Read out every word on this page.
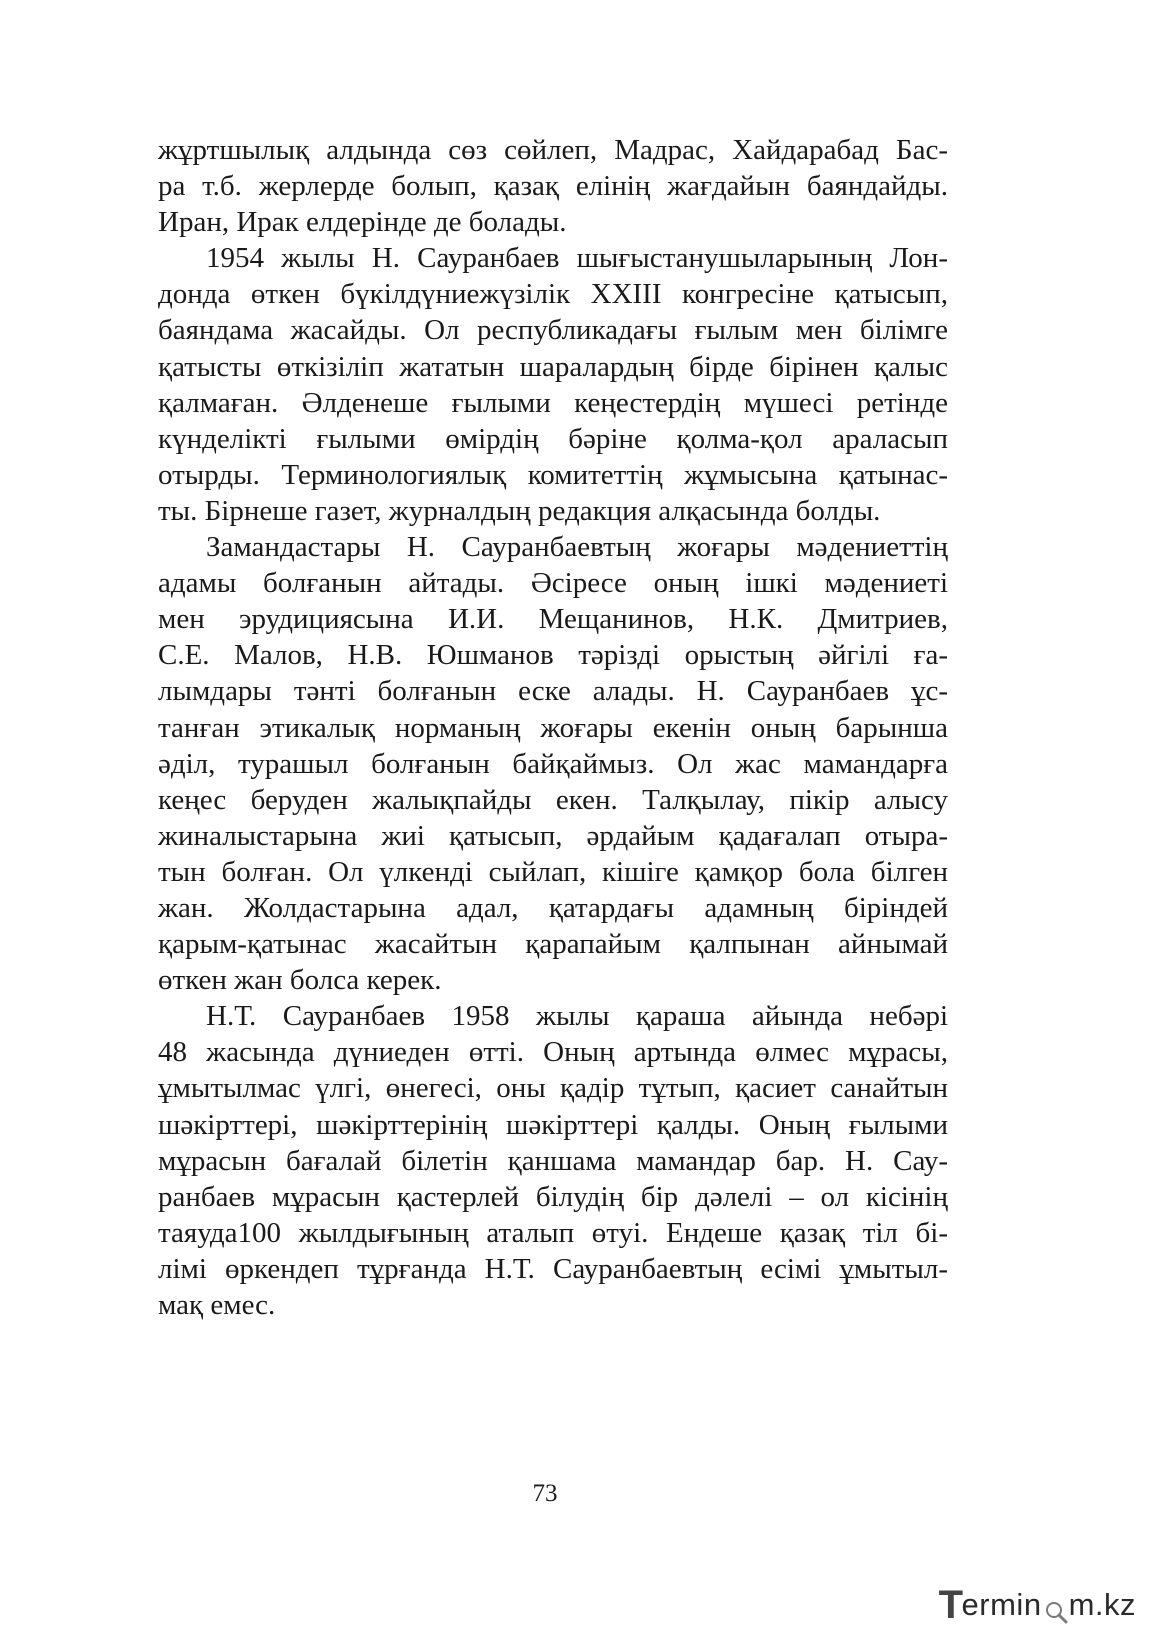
жұртшылық алдында сөз сөйлеп, Мадрас, Хайдарабад Бас-
ра т.б. жерлерде болып, қазақ елінің жағдайын баяндайды.
Иран, Ирак елдерінде де болады.
1954 жылы Н. Сауранбаев шығыстанушыларының Лон-
донда өткен бүкілдүниежүзілік XXIII конгресіне қатысып,
баяндама жасайды. Ол республикадағы ғылым мен білімге
қатысты өткізіліп жататын шаралардың бірде бірінен қалыс
қалмаған. Әлденеше ғылыми кеңестердің мүшесі ретінде
күнделікті ғылыми өмірдің бәріне қолма-қол араласып
отырды. Терминологиялық комитеттің жұмысына қатынас-
ты. Бірнеше газет, журналдың редакция алқасында болды.
Замандастары Н. Сауранбаевтың жоғары мәдениеттің
адамы болғанын айтады. Әсіресе оның ішкі мәдениеті
мен эрудициясына И.И. Мещанинов, Н.К. Дмитриев,
С.Е. Малов, Н.В. Юшманов тәрізді орыстың әйгілі ға-
лымдары тәнті болғанын еске алады. Н. Сауранбаев ұс-
танған этикалық норманың жоғары екенін оның барынша
әділ, турашыл болғанын байқаймыз. Ол жас мамандарға
кеңес беруден жалықпайды екен. Талқылау, пікір алысу
жиналыстарына жиі қатысып, әрдайым қадағалап отыра-
тын болған. Ол үлкенді сыйлап, кішіге қамқор бола білген
жан. Жолдастарына адал, қатардағы адамның біріндей
қарым-қатынас жасайтын қарапайым қалпынан айнымай
өткен жан болса керек.
Н.Т. Сауранбаев 1958 жылы қараша айында небәрі
48 жасында дүниеден өтті. Оның артында өлмес мұрасы,
ұмытылмас үлгі, өнегесі, оны қадір тұтып, қасиет санайтын
шәкірттері, шәкірттерінің шәкірттері қалды. Оның ғылыми
мұрасын бағалай білетін қаншама мамандар бар. Н. Сау-
ранбаев мұрасын қастерлей білудің бір дәлелі – ол кісінің
таяуда100 жылдығының аталып өтуі. Ендеше қазақ тіл бі-
лімі өркендеп тұрғанда Н.Т. Сауранбаевтың есімі ұмытыл-
мақ емес.
73
T
ermin m.kz
